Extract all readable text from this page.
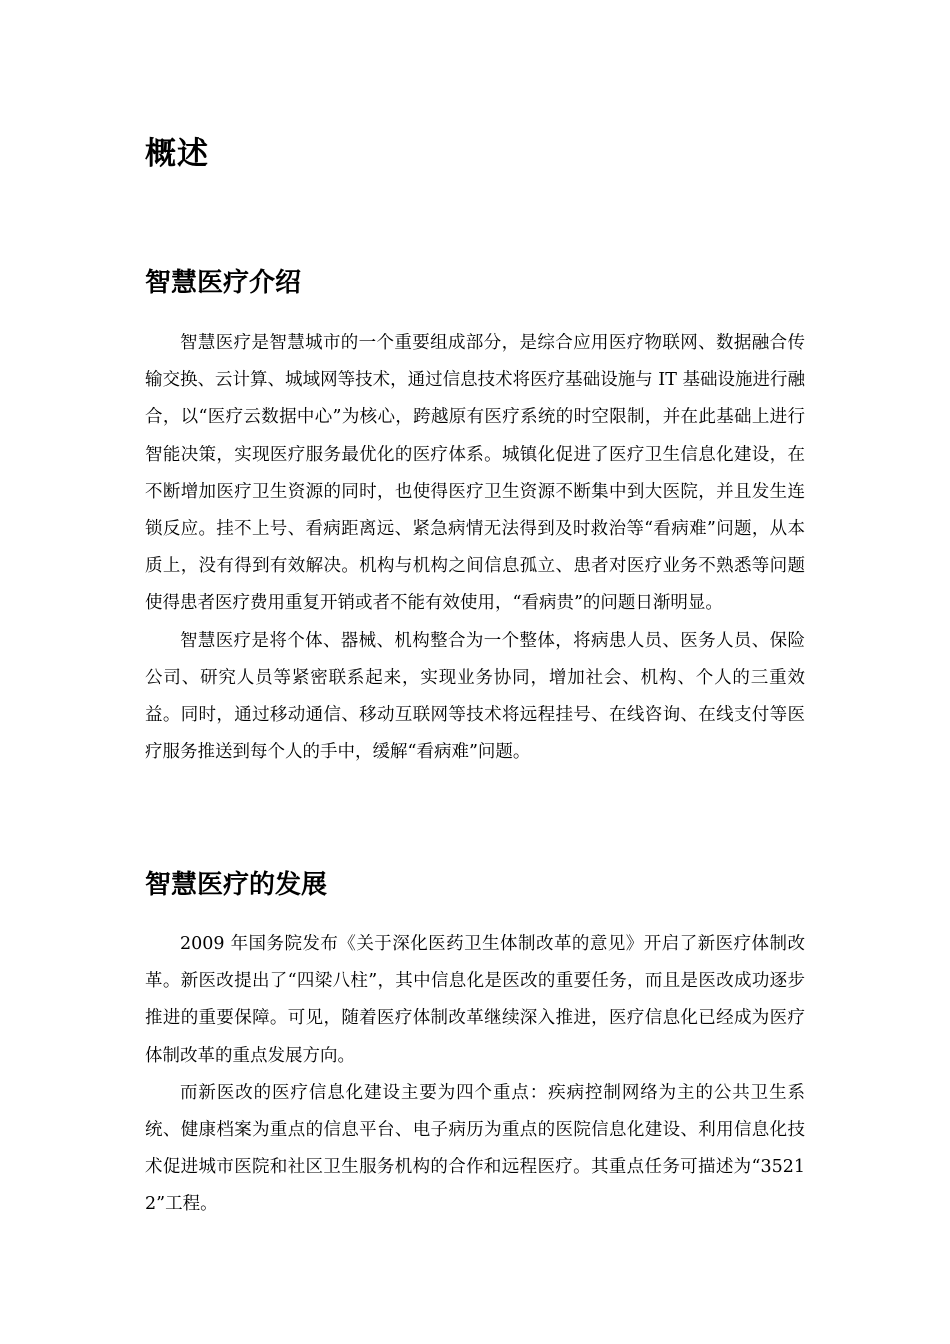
概述
智慧医疗介绍

智慧医疗是智慧城市的一个重要组成部分，是综合应用医疗物联网、数据融合传输交换、云计算、城域网等技术，通过信息技术将医疗基础设施与 IT 基础设施进行融合，以“医疗云数据中心”为核心，跨越原有医疗系统的时空限制，并在此基础上进行智能决策，实现医疗服务最优化的医疗体系。城镇化促进了医疗卫生信息化建设，在不断增加医疗卫生资源的同时，也使得医疗卫生资源不断集中到大医院，并且发生连锁反应。挂不上号、看病距离远、紧急病情无法得到及时救治等“看病难”问题，从本质上，没有得到有效解决。机构与机构之间信息孤立、患者对医疗业务不熟悉等问题使得患者医疗费用重复开销或者不能有效使用，“看病贵”的问题日渐明显。

智慧医疗是将个体、器械、机构整合为一个整体，将病患人员、医务人员、保险公司、研究人员等紧密联系起来，实现业务协同，增加社会、机构、个人的三重效益。同时，通过移动通信、移动互联网等技术将远程挂号、在线咨询、在线支付等医疗服务推送到每个人的手中，缓解“看病难”问题。

智慧医疗的发展

2009 年国务院发布《关于深化医药卫生体制改革的意见》开启了新医疗体制改革。新医改提出了“四梁八柱”，其中信息化是医改的重要任务，而且是医改成功逐步推进的重要保障。可见，随着医疗体制改革继续深入推进，医疗信息化已经成为医疗体制改革的重点发展方向。

而新医改的医疗信息化建设主要为四个重点：疾病控制网络为主的公共卫生系统、健康档案为重点的信息平台、电子病历为重点的医院信息化建设、利用信息化技术促进城市医院和社区卫生服务机构的合作和远程医疗。其重点任务可描述为“35212”工程。
